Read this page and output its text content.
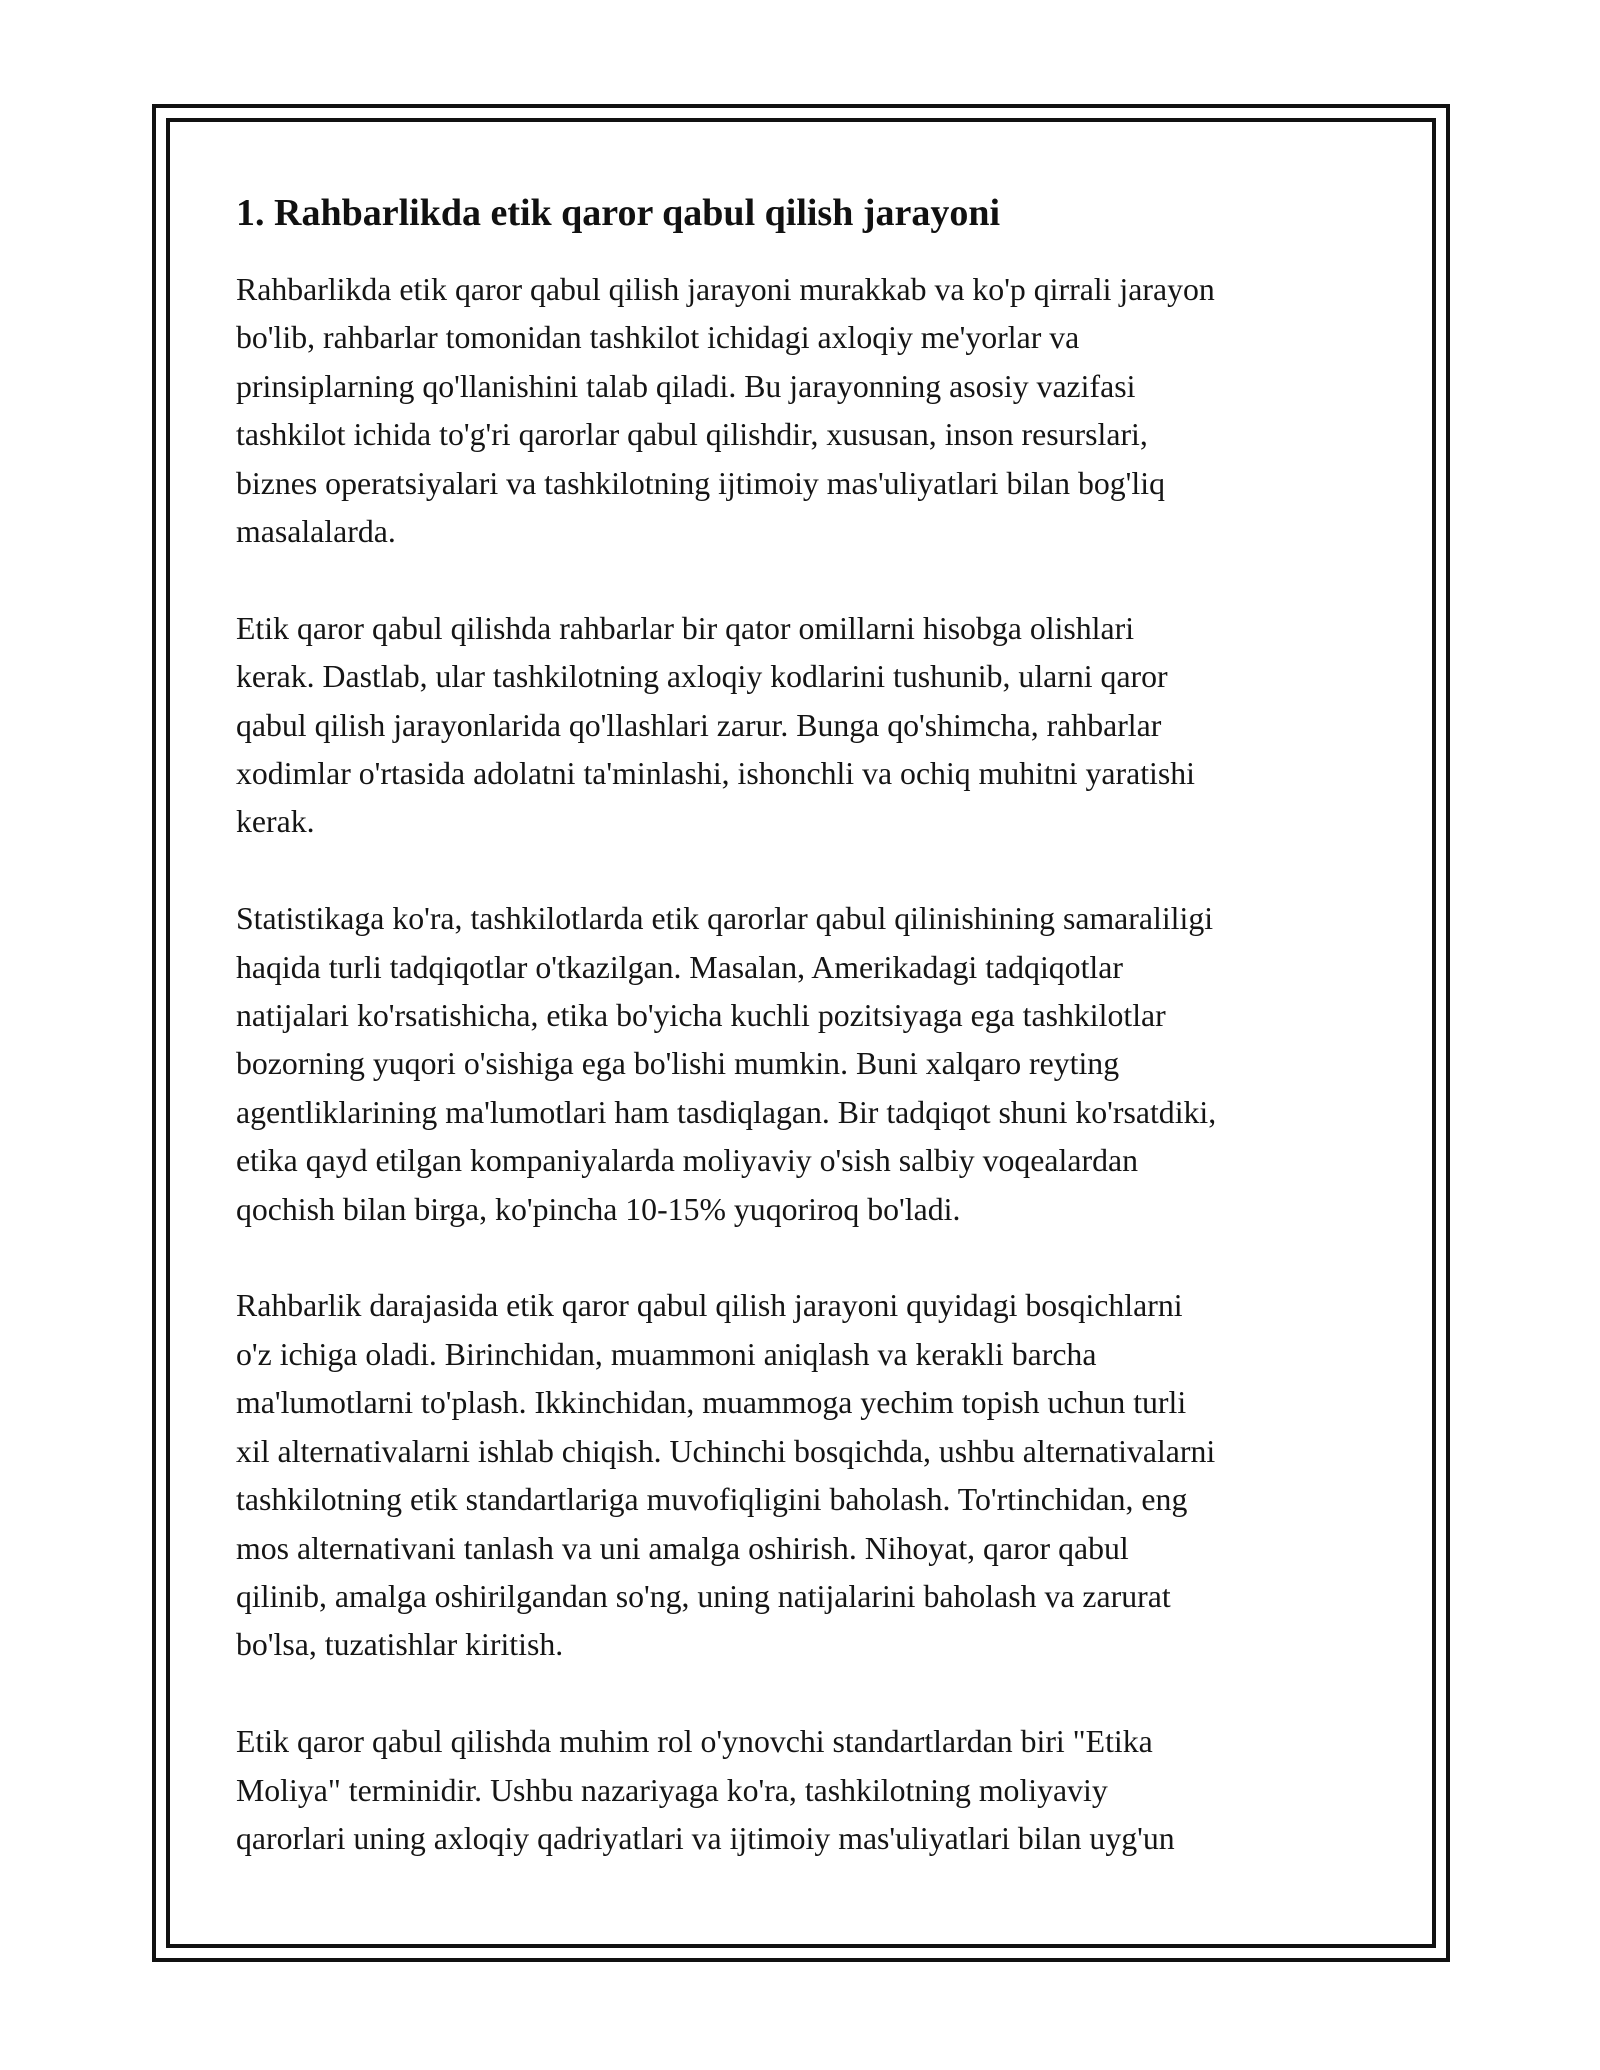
1. Rahbarlikda etik qaror qabul qilish jarayoni

Rahbarlikda etik qaror qabul qilish jarayoni murakkab va ko'p qirrali jarayon
bo'lib, rahbarlar tomonidan tashkilot ichidagi axloqiy me'yorlar va
prinsiplarning qo'llanishini talab qiladi. Bu jarayonning asosiy vazifasi
tashkilot ichida to'g'ri qarorlar qabul qilishdir, xususan, inson resurslari,
biznes operatsiyalari va tashkilotning ijtimoiy mas'uliyatlari bilan bog'liq
masalalarda.

Etik qaror qabul qilishda rahbarlar bir qator omillarni hisobga olishlari
kerak. Dastlab, ular tashkilotning axloqiy kodlarini tushunib, ularni qaror
qabul qilish jarayonlarida qo'llashlari zarur. Bunga qo'shimcha, rahbarlar
xodimlar o'rtasida adolatni ta'minlashi, ishonchli va ochiq muhitni yaratishi
kerak.

Statistikaga ko'ra, tashkilotlarda etik qarorlar qabul qilinishining samaraliligi
haqida turli tadqiqotlar o'tkazilgan. Masalan, Amerikadagi tadqiqotlar
natijalari ko'rsatishicha, etika bo'yicha kuchli pozitsiyaga ega tashkilotlar
bozorning yuqori o'sishiga ega bo'lishi mumkin. Buni xalqaro reyting
agentliklarining ma'lumotlari ham tasdiqlagan. Bir tadqiqot shuni ko'rsatdiki,
etika qayd etilgan kompaniyalarda moliyaviy o'sish salbiy voqealardan
qochish bilan birga, ko'pincha 10-15% yuqoriroq bo'ladi.

Rahbarlik darajasida etik qaror qabul qilish jarayoni quyidagi bosqichlarni
o'z ichiga oladi. Birinchidan, muammoni aniqlash va kerakli barcha
ma'lumotlarni to'plash. Ikkinchidan, muammoga yechim topish uchun turli
xil alternativalarni ishlab chiqish. Uchinchi bosqichda, ushbu alternativalarni
tashkilotning etik standartlariga muvofiqligini baholash. To'rtinchidan, eng
mos alternativani tanlash va uni amalga oshirish. Nihoyat, qaror qabul
qilinib, amalga oshirilgandan so'ng, uning natijalarini baholash va zarurat
bo'lsa, tuzatishlar kiritish.

Etik qaror qabul qilishda muhim rol o'ynovchi standartlardan biri "Etika
Moliya" terminidir. Ushbu nazariyaga ko'ra, tashkilotning moliyaviy
qarorlari uning axloqiy qadriyatlari va ijtimoiy mas'uliyatlari bilan uyg'un
